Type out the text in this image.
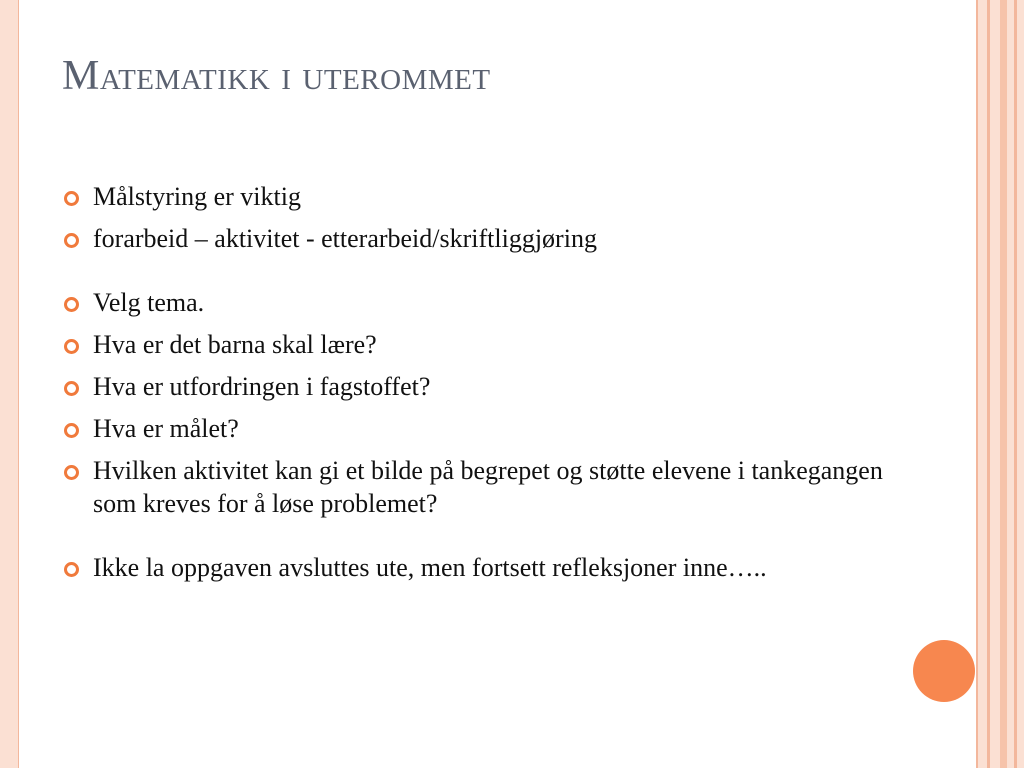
Matematikk i uterommet
Målstyring er viktig
forarbeid – aktivitet - etterarbeid/skriftliggjøring
Velg tema.
Hva er det barna skal lære?
Hva er utfordringen i fagstoffet?
Hva er målet?
Hvilken aktivitet kan gi et bilde på begrepet og støtte elevene i tankegangen som kreves for å løse problemet?
Ikke la oppgaven avsluttes ute, men fortsett refleksjoner inne…..
